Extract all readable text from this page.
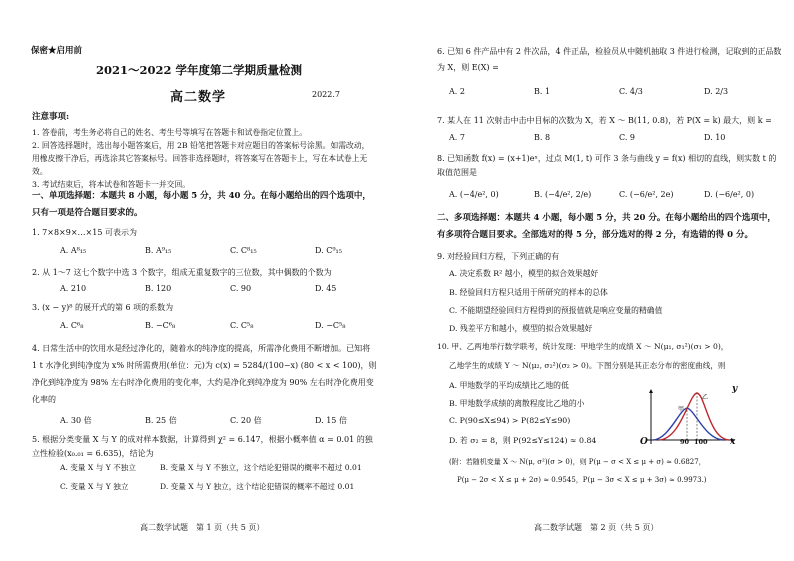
保密★启用前
2021～2022 学年度第二学期质量检测
高二数学	2022.7
注意事项:
1. 答卷前，考生务必将自己的姓名、考生号等填写在答题卡和试卷指定位置上。
2. 回答选择题时，选出每小题答案后，用 2B 铅笔把答题卡对应题目的答案标号涂黑。如需改动，用橡皮擦干净后，再选涂其它答案标号。回答非选择题时，将答案写在答题卡上，写在本试卷上无效。
3. 考试结束后，将本试卷和答题卡一并交回。
一、单项选择题：本题共 8 小题，每小题 5 分，共 40 分。在每小题给出的四个选项中，只有一项是符合题目要求的。
1. 7×8×9×…×15 可表示为
A. A⁸₁₅	B. A⁹₁₅	C. C⁸₁₅	D. C⁹₁₅
2. 从 1～7 这七个数字中选 3 个数字，组成无重复数字的三位数，其中偶数的个数为
A. 210	B. 120	C. 90	D. 45
3. (x − y)⁸ 的展开式的第 6 项的系数为
A. C⁶₈	B. −C⁶₈	C. C⁵₈	D. −C⁵₈
4. 日常生活中的饮用水是经过净化的，随着水的纯净度的提高，所需净化费用不断增加。已知将 1 t 水净化到纯净度为 x% 时所需费用(单位：元)为 c(x) = 5284/(100−x) (80 < x < 100)，则净化到纯净度为 98% 左右时净化费用的变化率，大约是净化到纯净度为 90% 左右时净化费用变化率的
A. 30 倍	B. 25 倍	C. 20 倍	D. 15 倍
5. 根据分类变量 X 与 Y 的成对样本数据，计算得到 χ² = 6.147，根据小概率值 α = 0.01 的独立性检验(x₀.₀₁ = 6.635)，结论为
A. 变量 X 与 Y 不独立	B. 变量 X 与 Y 不独立，这个结论犯错误的概率不超过 0.01
C. 变量 X 与 Y 独立	D. 变量 X 与 Y 独立，这个结论犯错误的概率不超过 0.01
高二数学试题　第 1 页（共 5 页）
6. 已知 6 件产品中有 2 件次品，4 件正品，检验员从中随机抽取 3 件进行检测，记取到的正品数为 X，则 E(X) =
A. 2	B. 1	C. 4/3	D. 2/3
7. 某人在 11 次射击中击中目标的次数为 X，若 X ～ B(11, 0.8)，若 P(X = k) 最大，则 k =
A. 7	B. 8	C. 9	D. 10
8. 已知函数 f(x) = (x+1)eˣ，过点 M(1, t) 可作 3 条与曲线 y = f(x) 相切的直线，则实数 t 的取值范围是
A. (−4/e², 0)	B. (−4/e², 2/e)	C. (−6/e², 2e)	D. (−6/e², 0)
二、多项选择题：本题共 4 小题，每小题 5 分，共 20 分。在每小题给出的四个选项中，有多项符合题目要求。全部选对的得 5 分，部分选对的得 2 分，有选错的得 0 分。
9. 对经验回归方程，下列正确的有
A. 决定系数 R² 越小，模型的拟合效果越好
B. 经验回归方程只适用于所研究的样本的总体
C. 不能期望经验回归方程得到的预报值就是响应变量的精确值
D. 残差平方和越小，模型的拟合效果越好
10. 甲、乙两地举行数学联考，统计发现：甲地学生的成绩 X ～ N(μ₁, σ₁²)(σ₁ > 0)，
乙地学生的成绩 Y ～ N(μ₂, σ₂²)(σ₂ > 0)。下图分别是其正态分布的密度曲线，则
A. 甲地数学的平均成绩比乙地的低
B. 甲地数学成绩的离散程度比乙地的小
C. P(90≤X≤94) > P(82≤Y≤90)
D. 若 σ₂ = 8，则 P(92≤Y≤124) ≈ 0.84
(附：若随机变量 X ～ N(μ, σ²)(σ > 0)，则 P(μ − σ < X ≤ μ + σ) ≈ 0.6827，
P(μ − 2σ < X ≤ μ + 2σ) ≈ 0.9545，P(μ − 3σ < X ≤ μ + 3σ) ≈ 0.9973.)
y
x
O	90 100
甲
乙
高二数学试题　第 2 页（共 5 页）
